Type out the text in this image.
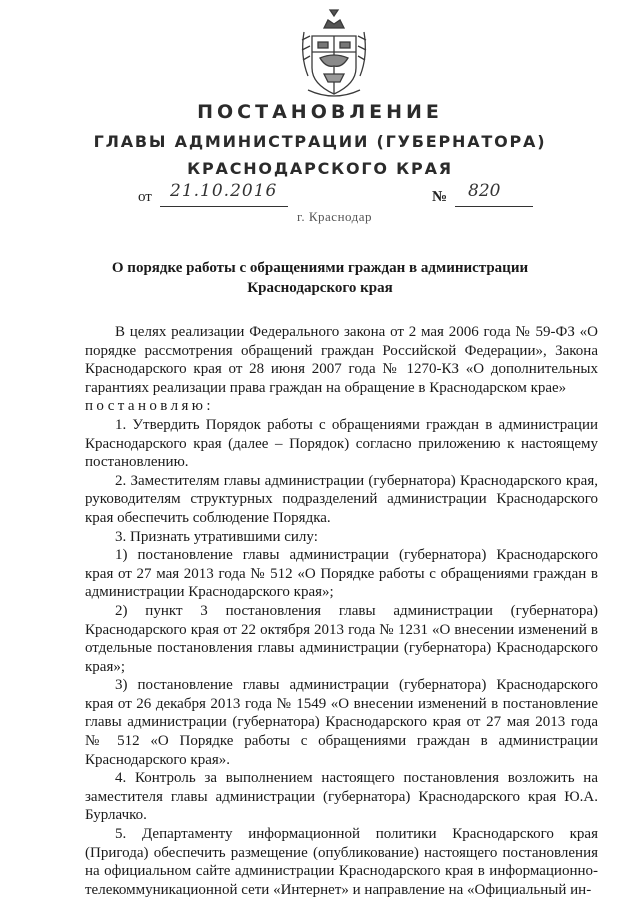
ПОСТАНОВЛЕНИЕ
ГЛАВЫ АДМИНИСТРАЦИИ (ГУБЕРНАТОРА)
КРАСНОДАРСКОГО КРАЯ
от 21.10.2016	№ 820
г. Краснодар
О порядке работы с обращениями граждан в администрации
Краснодарского края

В целях реализации Федерального закона от 2 мая 2006 года № 59-ФЗ «О порядке рассмотрения обращений граждан Российской Федерации», Закона Краснодарского края от 28 июня 2007 года № 1270-КЗ «О дополнительных гарантиях реализации права граждан на обращение в Краснодарском крае»

постановляю:

1. Утвердить Порядок работы с обращениями граждан в администрации Краснодарского края (далее – Порядок) согласно приложению к настоящему постановлению.

2. Заместителям главы администрации (губернатора) Краснодарского края, руководителям структурных подразделений администрации Краснодарского края обеспечить соблюдение Порядка.

3. Признать утратившими силу:

1) постановление главы администрации (губернатора) Краснодарского края от 27 мая 2013 года № 512 «О Порядке работы с обращениями граждан в администрации Краснодарского края»;

2) пункт 3 постановления главы администрации (губернатора) Краснодарского края от 22 октября 2013 года № 1231 «О внесении изменений в отдельные постановления главы администрации (губернатора) Краснодарского края»;

3) постановление главы администрации (губернатора) Краснодарского края от 26 декабря 2013 года № 1549 «О внесении изменений в постановление главы администрации (губернатора) Краснодарского края от 27 мая 2013 года № 512 «О Порядке работы с обращениями граждан в администрации Краснодарского края».

4. Контроль за выполнением настоящего постановления возложить на заместителя главы администрации (губернатора) Краснодарского края Ю.А. Бурлачко.

5. Департаменту информационной политики Краснодарского края (Пригода) обеспечить размещение (опубликование) настоящего постановления на официальном сайте администрации Краснодарского края в информационно-телекоммуникационной сети «Интернет» и направление на «Официальный ин-
